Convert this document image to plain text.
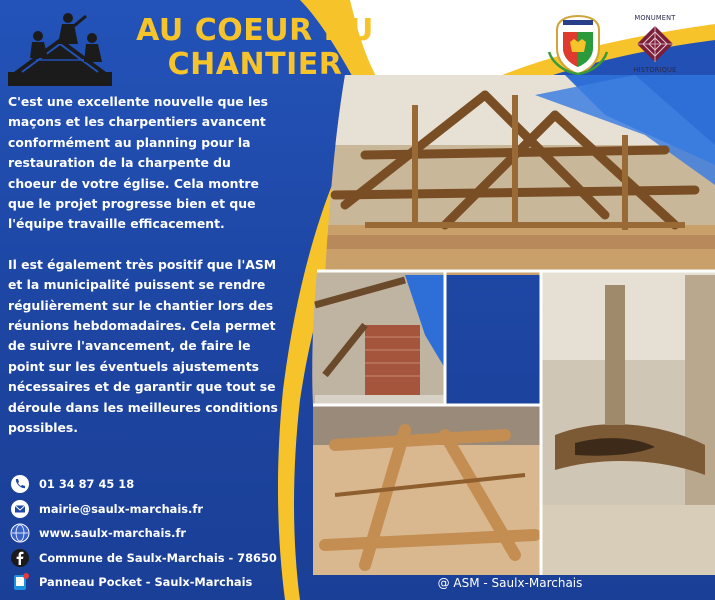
AU COEUR DU
CHANTIER

C'est une excellente nouvelle que les maçons et les charpentiers avancent conformément au planning pour la restauration de la charpente du choeur de votre église. Cela montre que le projet progresse bien et que l'équipe travaille efficacement.

Il est également très positif que l'ASM et la municipalité puissent se rendre régulièrement sur le chantier lors des réunions hebdomadaires. Cela permet de suivre l'avancement, de faire le point sur les éventuels ajustements nécessaires et de garantir que tout se déroule dans les meilleures conditions possibles.

01 34 87 45 18
mairie@saulx-marchais.fr
www.saulx-marchais.fr
Commune de Saulx-Marchais - 78650
Panneau Pocket - Saulx-Marchais
MONUMENT
HISTORIQUE
@ ASM - Saulx-Marchais
